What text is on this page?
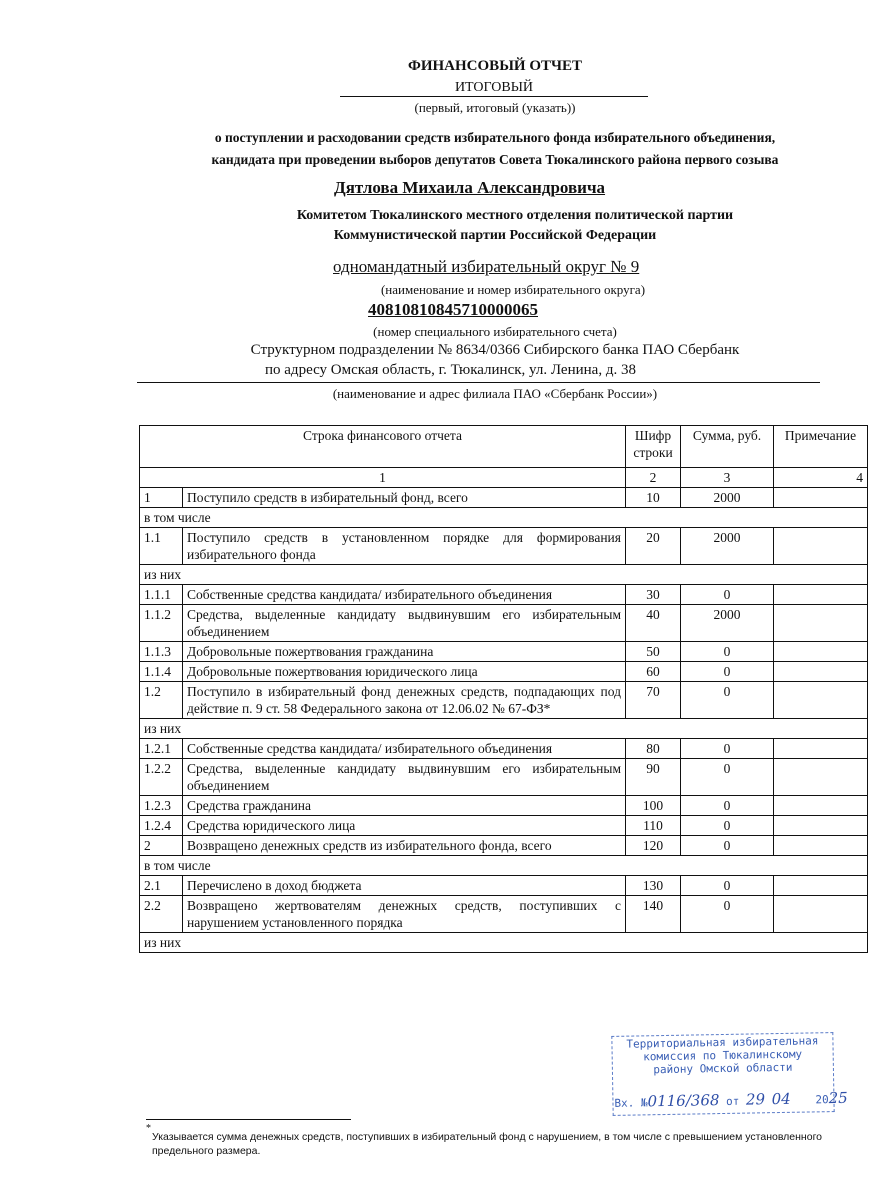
ФИНАНСОВЫЙ ОТЧЕТ
ИТОГОВЫЙ
(первый, итоговый (указать))
о поступлении и расходовании средств избирательного фонда избирательного объединения,
кандидата при проведении выборов депутатов Совета Тюкалинского района первого созыва
Дятлова Михаила Александровича
Комитетом Тюкалинского местного отделения политической партии
Коммунистической партии Российской Федерации
одномандатный избирательный округ № 9
(наименование и номер избирательного округа)
40810810845710000065
(номер специального избирательного счета)
Структурном подразделении № 8634/0366 Сибирского банка ПАО Сбербанк
по адресу Омская область, г. Тюкалинск, ул. Ленина, д. 38
(наименование и адрес филиала ПАО «Сбербанк России»)
Строка финансового отчета		Шифр строки	Сумма, руб.	Примечание
1		2	3	4
1	Поступило средств в избирательный фонд, всего	10	2000	
в том числе				
1.1	Поступило средств в установленном порядке для формирования избирательного фонда	20	2000	
из них				
1.1.1	Собственные средства кандидата/ избирательного объединения	30	0	
1.1.2	Средства, выделенные кандидату выдвинувшим его избирательным объединением	40	2000	
1.1.3	Добровольные пожертвования гражданина	50	0	
1.1.4	Добровольные пожертвования юридического лица	60	0	
1.2	Поступило в избирательный фонд денежных средств, подпадающих под действие п. 9 ст. 58 Федерального закона от 12.06.02 № 67-ФЗ*	70	0	
из них				
1.2.1	Собственные средства кандидата/ избирательного объединения	80	0	
1.2.2	Средства, выделенные кандидату выдвинувшим его избирательным объединением	90	0	
1.2.3	Средства гражданина	100	0	
1.2.4	Средства юридического лица	110	0	
2	Возвращено денежных средств из избирательного фонда, всего	120	0	
в том числе				
2.1	Перечислено в доход бюджета	130	0	
2.2	Возвращено жертвователям денежных средств, поступивших с нарушением установленного порядка	140	0	
из них				
Территориальная избирательная
комиссия по Тюкалинскому
району Омской области
Вх. №0116/368 от 29 04 2025
*
Указывается сумма денежных средств, поступивших в избирательный фонд с нарушением, в том числе с превышением установленного предельного размера.
